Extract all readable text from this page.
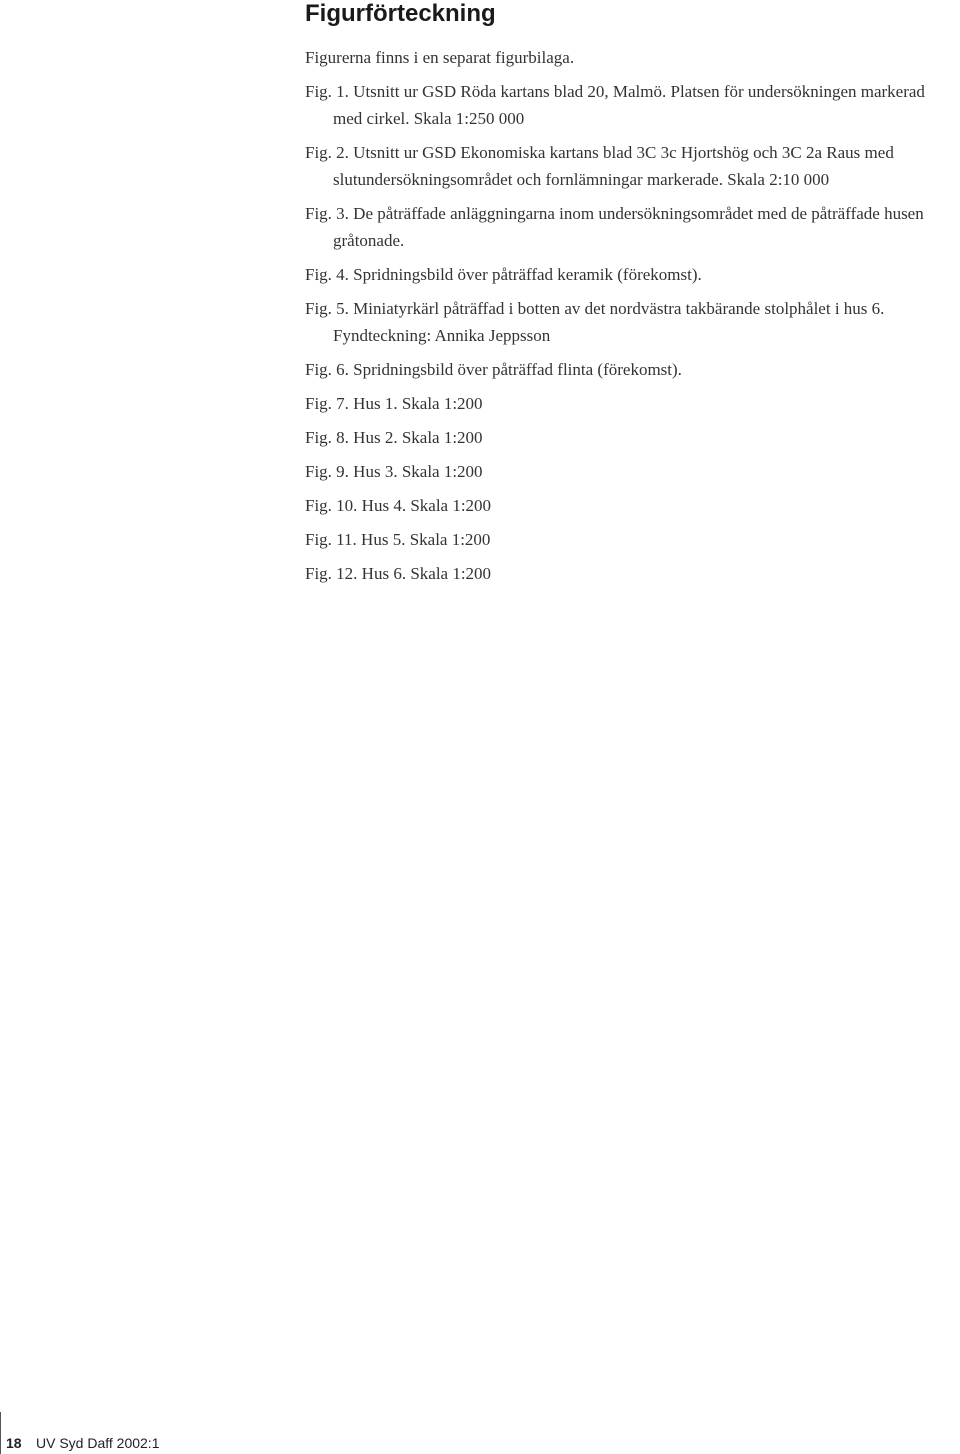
Figurförteckning
Figurerna finns i en separat figurbilaga.
Fig. 1. Utsnitt ur GSD Röda kartans blad 20, Malmö. Platsen för undersökningen markerad med cirkel. Skala 1:250 000
Fig. 2. Utsnitt ur GSD Ekonomiska kartans blad 3C 3c Hjortshög och 3C 2a Raus med slutundersökningsområdet och fornlämningar markerade. Skala 2:10 000
Fig. 3. De påträffade anläggningarna inom undersökningsområdet med de påträffade husen gråtonade.
Fig. 4. Spridningsbild över påträffad keramik (förekomst).
Fig. 5. Miniatyrkärl påträffad i botten av det nordvästra takbärande stolphålet i hus 6. Fyndteckning: Annika Jeppsson
Fig. 6. Spridningsbild över påträffad flinta (förekomst).
Fig. 7. Hus 1. Skala 1:200
Fig. 8. Hus 2. Skala 1:200
Fig. 9. Hus 3. Skala 1:200
Fig. 10. Hus 4. Skala 1:200
Fig. 11. Hus 5. Skala 1:200
Fig. 12. Hus 6. Skala 1:200
18 UV Syd Daff 2002:1
